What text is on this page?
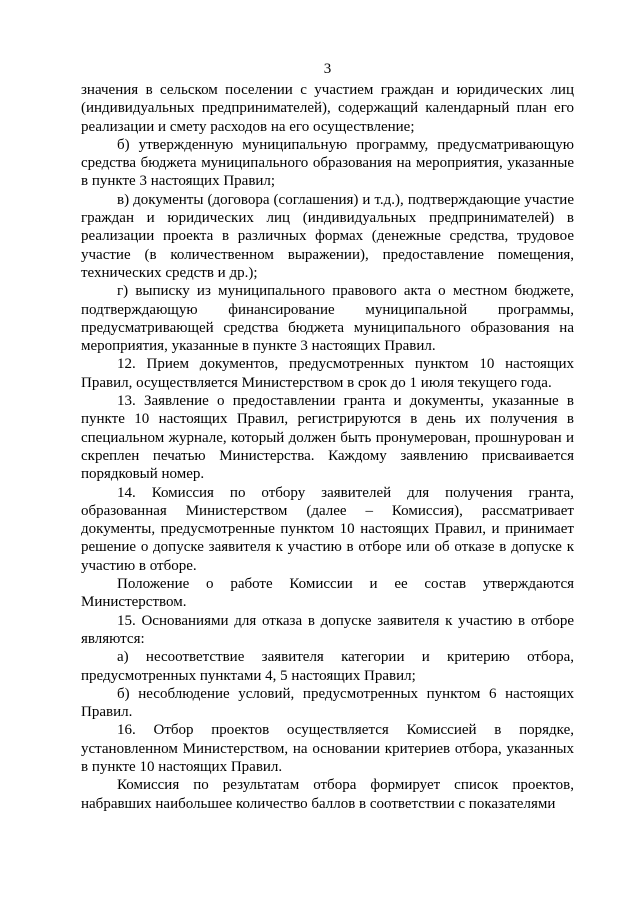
3

значения в сельском поселении с участием граждан и юридических лиц (индивидуальных предпринимателей), содержащий календарный план его реализации и смету расходов на его осуществление;

б) утвержденную муниципальную программу, предусматривающую средства бюджета муниципального образования на мероприятия, указанные в пункте 3 настоящих Правил;

в) документы (договора (соглашения) и т.д.), подтверждающие участие граждан и юридических лиц (индивидуальных предпринимателей) в реализации проекта в различных формах (денежные средства, трудовое участие (в количественном выражении), предоставление помещения, технических средств и др.);

г) выписку из муниципального правового акта о местном бюджете, подтверждающую финансирование муниципальной программы, предусматривающей средства бюджета муниципального образования на мероприятия, указанные в пункте 3 настоящих Правил.

12. Прием документов, предусмотренных пунктом 10 настоящих Правил, осуществляется Министерством в срок до 1 июля текущего года.

13. Заявление о предоставлении гранта и документы, указанные в пункте 10 настоящих Правил, регистрируются в день их получения в специальном журнале, который должен быть пронумерован, прошнурован и скреплен печатью Министерства. Каждому заявлению присваивается порядковый номер.

14. Комиссия по отбору заявителей для получения гранта, образованная Министерством (далее – Комиссия), рассматривает документы, предусмотренные пунктом 10 настоящих Правил, и принимает решение о допуске заявителя к участию в отборе или об отказе в допуске к участию в отборе.

Положение о работе Комиссии и ее состав утверждаются Министерством.

15. Основаниями для отказа в допуске заявителя к участию в отборе являются:

а) несоответствие заявителя категории и критерию отбора, предусмотренных пунктами 4, 5 настоящих Правил;

б) несоблюдение условий, предусмотренных пунктом 6 настоящих Правил.

16. Отбор проектов осуществляется Комиссией в порядке, установленном Министерством, на основании критериев отбора, указанных в пункте 10 настоящих Правил.

Комиссия по результатам отбора формирует список проектов, набравших наибольшее количество баллов в соответствии с показателями
